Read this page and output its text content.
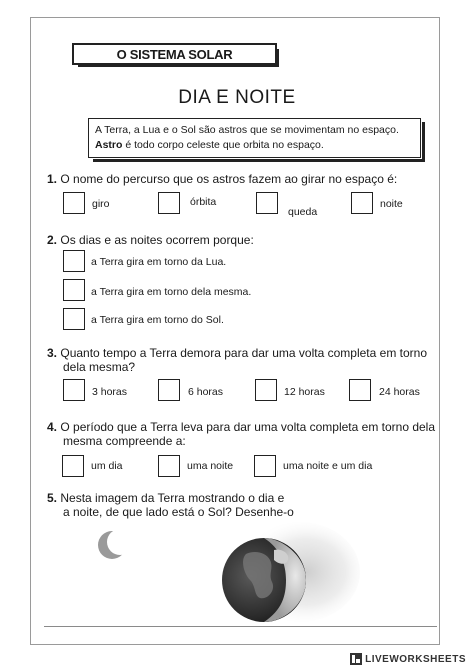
O SISTEMA SOLAR
DIA E NOITE
A Terra, a Lua e o Sol são astros que se movimentam no espaço.
Astro é todo corpo celeste que orbita no espaço.
1. O nome do percurso que os astros fazem ao girar no espaço é:
giro	órbita
queda
noite
2. Os dias e as noites ocorrem porque:
a Terra gira em torno da Lua.
a Terra gira em torno dela mesma.
a Terra gira em torno do Sol.
3. Quanto tempo a Terra demora para dar uma volta completa em torno
dela mesma?
3 horas	6 horas	12 horas	24 horas
4. O período que a Terra leva para dar uma volta completa em torno dela
mesma compreende a:
um dia	uma noite	uma noite e um dia
5. Nesta imagem da Terra mostrando o dia e
a noite, de que lado está o Sol? Desenhe-o
LIVEWORKSHEETS
